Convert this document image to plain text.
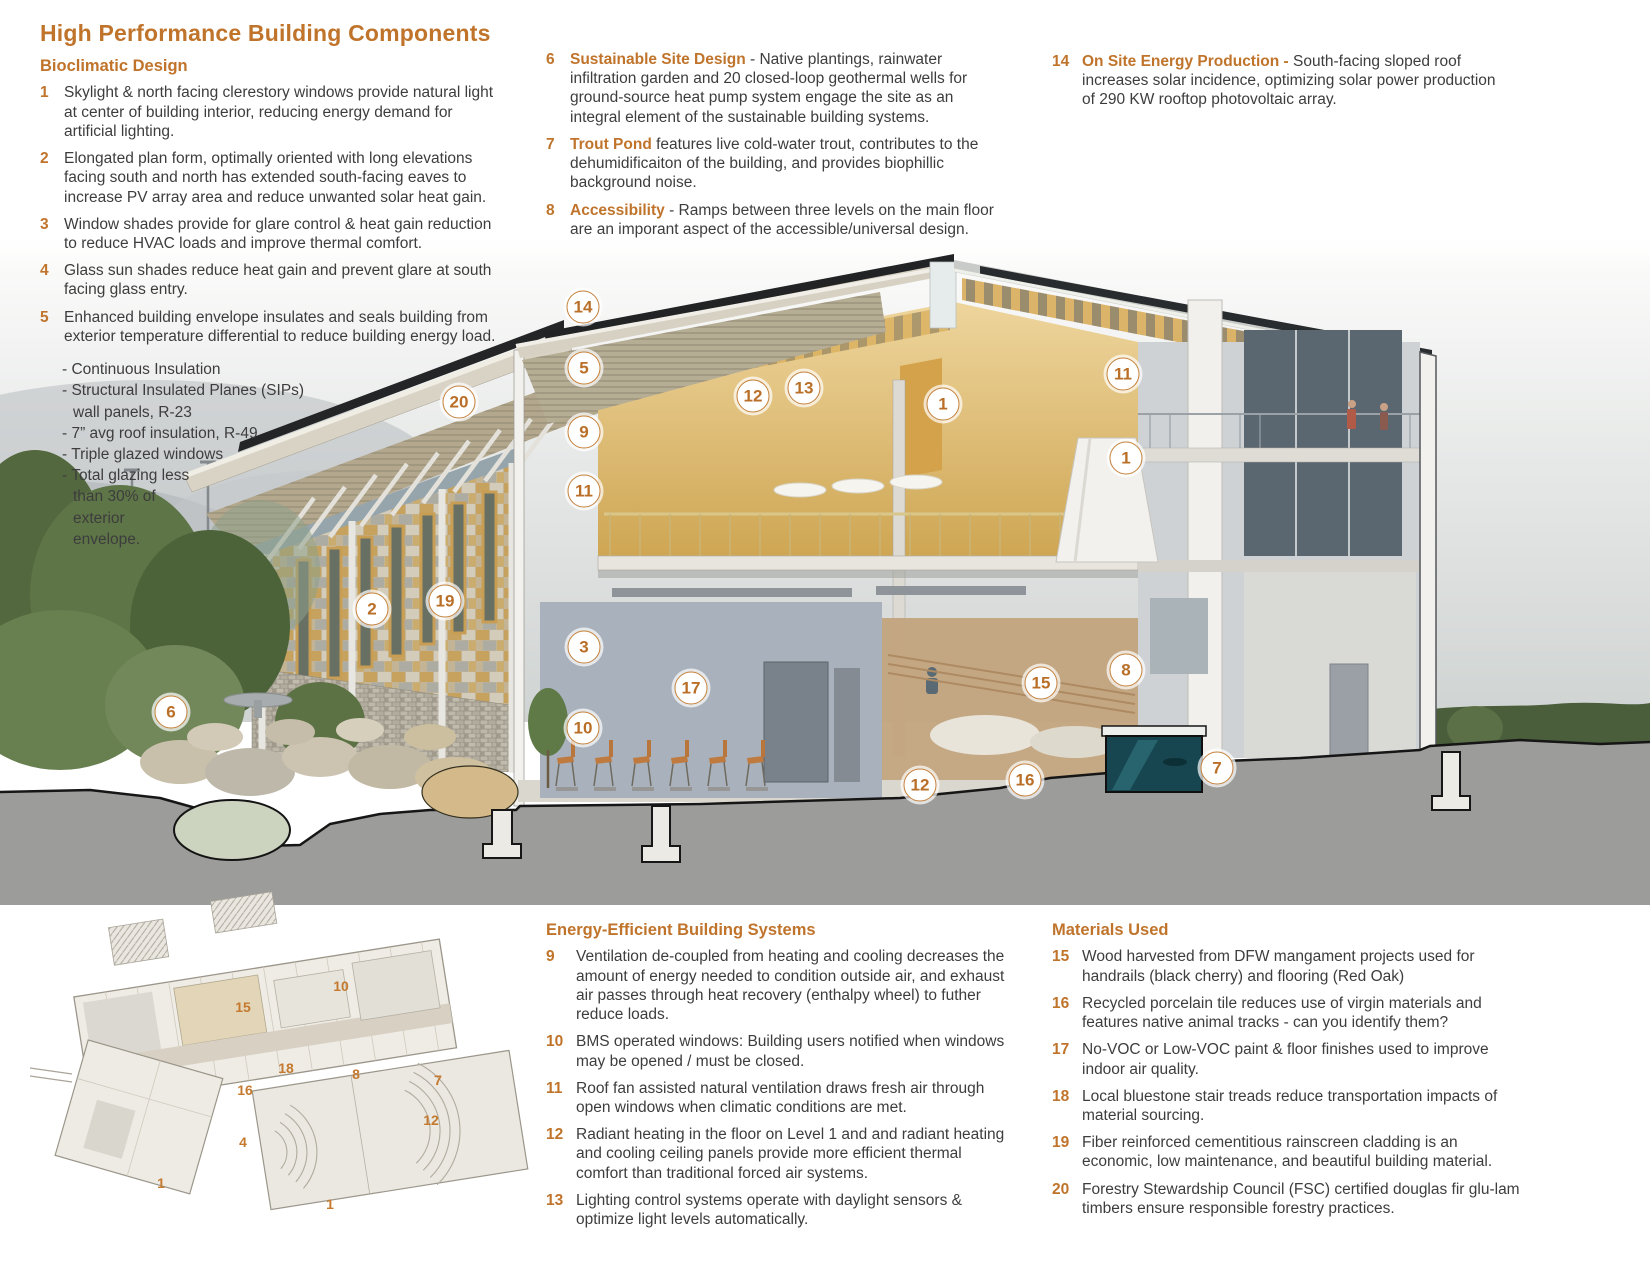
High Performance Building Components
Bioclimatic Design
1 Skylight & north facing clerestory windows provide natural light at center of building interior, reducing energy demand for artificial lighting.
2 Elongated plan form, optimally oriented with long elevations facing south and north has extended south-facing eaves to increase PV array area and reduce unwanted solar heat gain.
3 Window shades provide for glare control & heat gain reduction to reduce HVAC loads and improve thermal comfort.
4 Glass sun shades reduce heat gain and prevent glare at south facing glass entry.
5 Enhanced building envelope insulates and seals building from exterior temperature differential to reduce building energy load.
- Continuous Insulation
- Structural Insulated Planes (SIPs)
wall panels, R-23
- 7” avg roof insulation, R-49
- Triple glazed windows
- Total glazing less
than 30% of
exterior
envelope.
6 Sustainable Site Design - Native plantings, rainwater infiltration garden and 20 closed-loop geothermal wells for ground-source heat pump system engage the site as an integral element of the sustainable building systems.
7 Trout Pond features live cold-water trout, contributes to the dehumidificaiton of the building, and provides biophillic background noise.
8 Accessibility - Ramps between three levels on the main floor are an imporant aspect of the accessible/universal design.
14 On Site Energy Production - South-facing sloped roof increases solar incidence, optimizing solar power production of 290 KW rooftop photovoltaic array.
Energy-Efficient Building Systems
9	Ventilation de-coupled from heating and cooling decreases the amount of energy needed to condition outside air, and exhaust air passes through heat recovery (enthalpy wheel) to futher reduce loads.
10 BMS operated windows: Building users notified when windows may be opened / must be closed.
11 Roof fan assisted natural ventilation draws fresh air through open windows when climatic conditions are met.
12 Radiant heating in the floor on Level 1 and and radiant heating and cooling ceiling panels provide more efficient thermal comfort than traditional forced air systems.
13 Lighting control systems operate with daylight sensors & optimize light levels automatically.
Materials Used
15 Wood harvested from DFW mangament projects used for handrails (black cherry) and flooring (Red Oak)
16 Recycled porcelain tile reduces use of virgin materials and features native animal tracks - can you identify them?
17 No-VOC or Low-VOC paint & floor finishes used to improve indoor air quality.
18 Local bluestone stair treads reduce transportation impacts of material sourcing.
19 Fiber reinforced cementitious rainscreen cladding is an economic, low maintenance, and beautiful building material.
20 Forestry Stewardship Council (FSC) certified douglas fir glu-lam timbers ensure responsible forestry practices.
14
5
20
9
11
12	13
1
11
1
2	19
3
6
10
17	15
8
12	16
7
10
15
18	8	7
16
4
12
1
1
